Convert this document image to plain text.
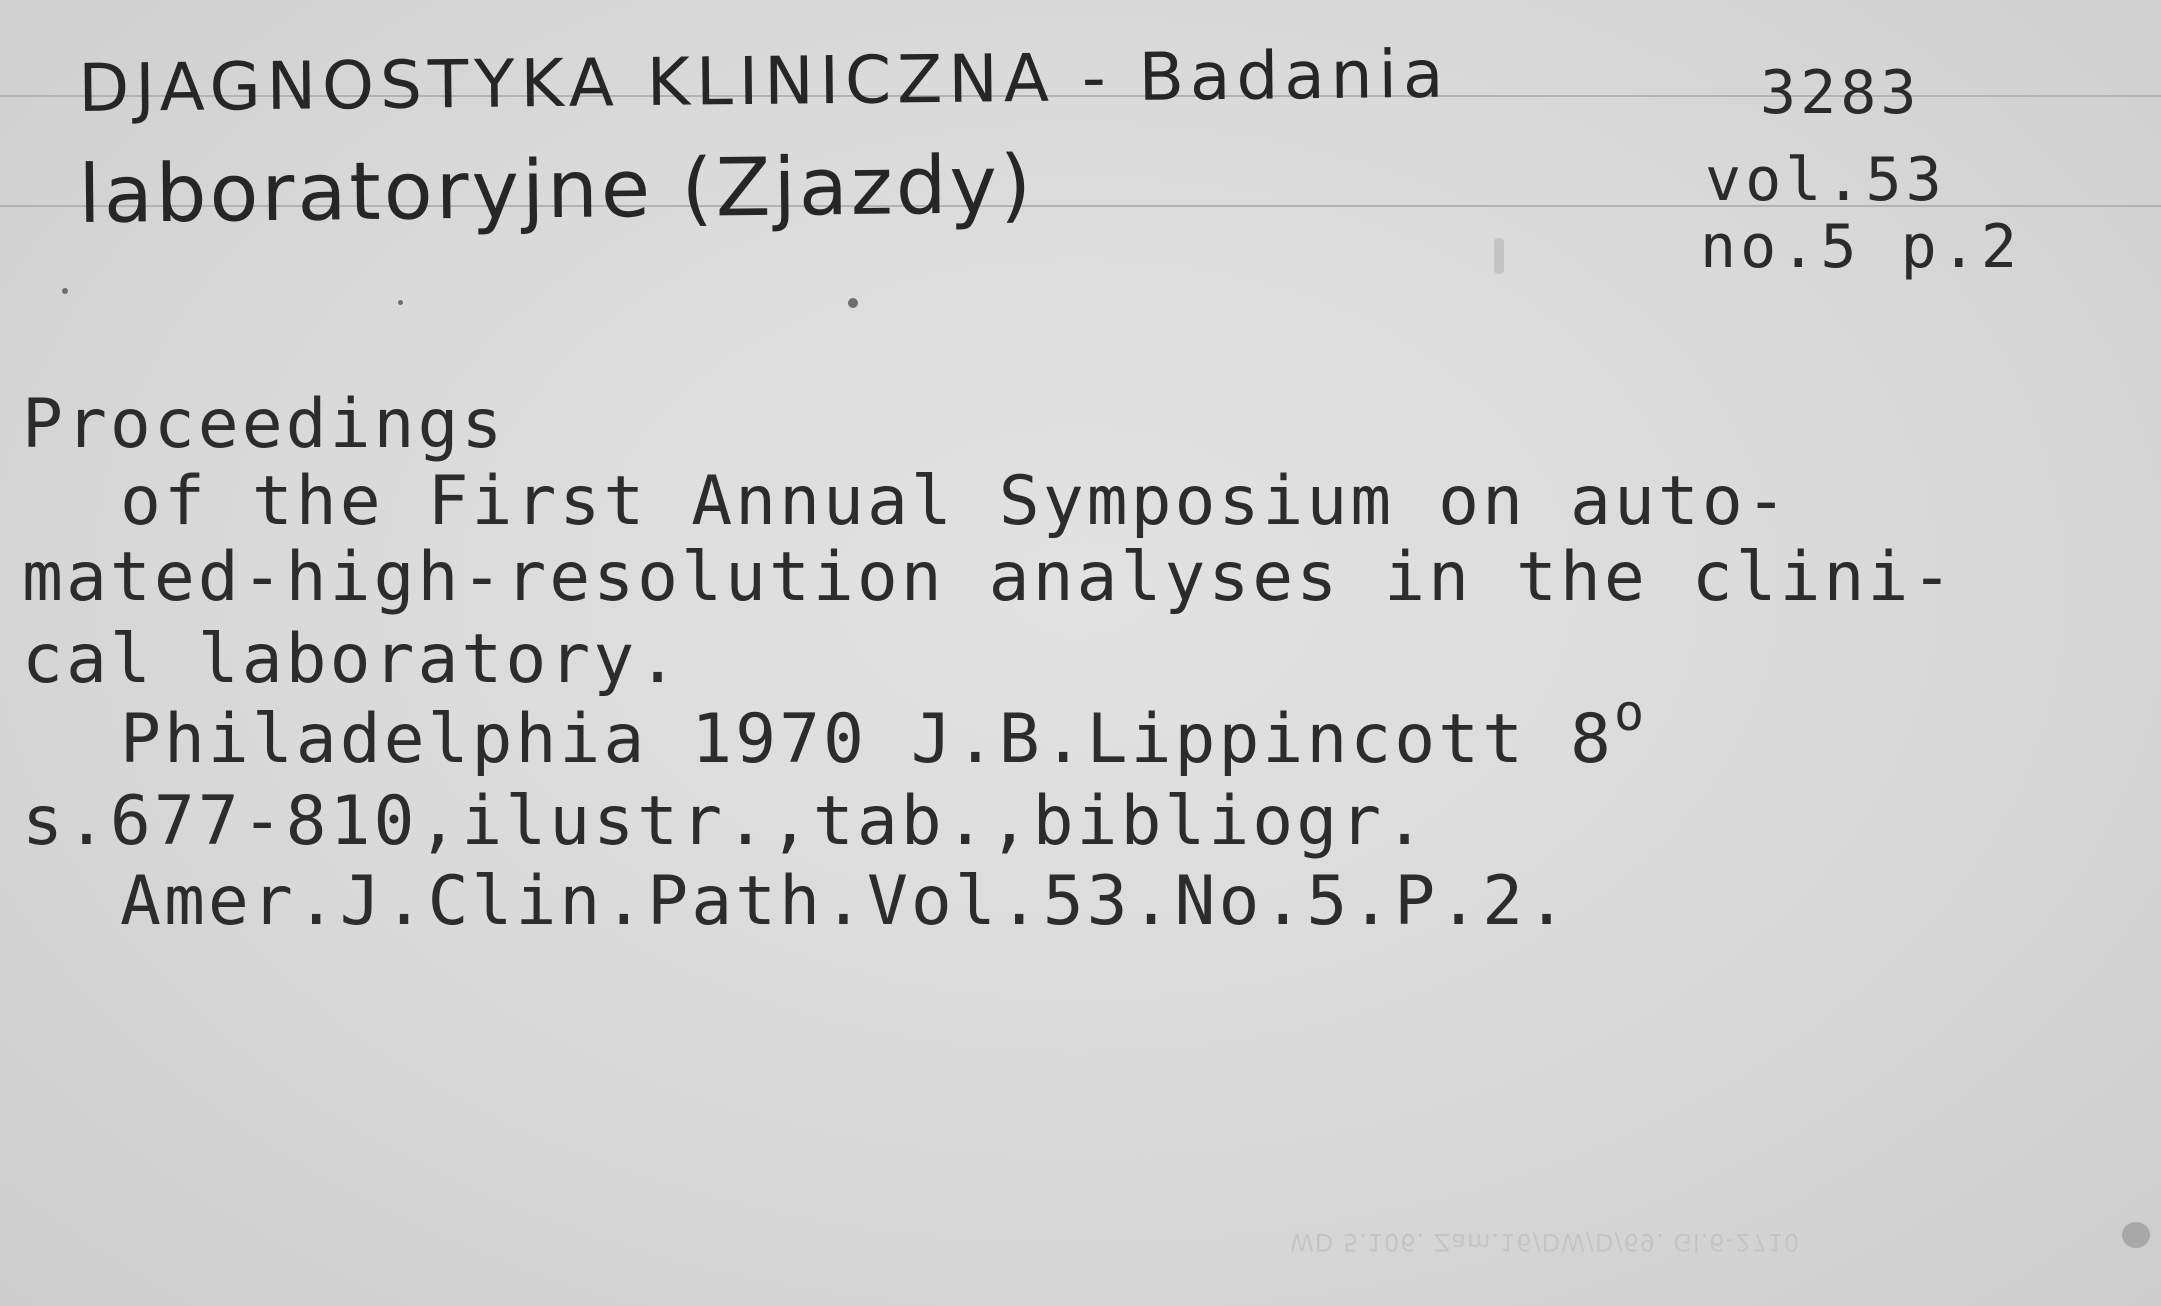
DJAGNOSTYKA KLINICZNA - Badania
laboratoryjne (Zjazdy)
3283
vol.53
no.5 p.2
Proceedings
of the First Annual Symposium on auto-
mated-high-resolution analyses in the clini-
cal laboratory.
Philadelphia 1970 J.B.Lippincott 8$^o$
s.677-810,ilustr.,tab.,bibliogr.
Amer.J.Clin.Path.Vol.53.No.5.P.2.
WD 5.106. Zam.16/DW/D/69. Gl.6-2710
